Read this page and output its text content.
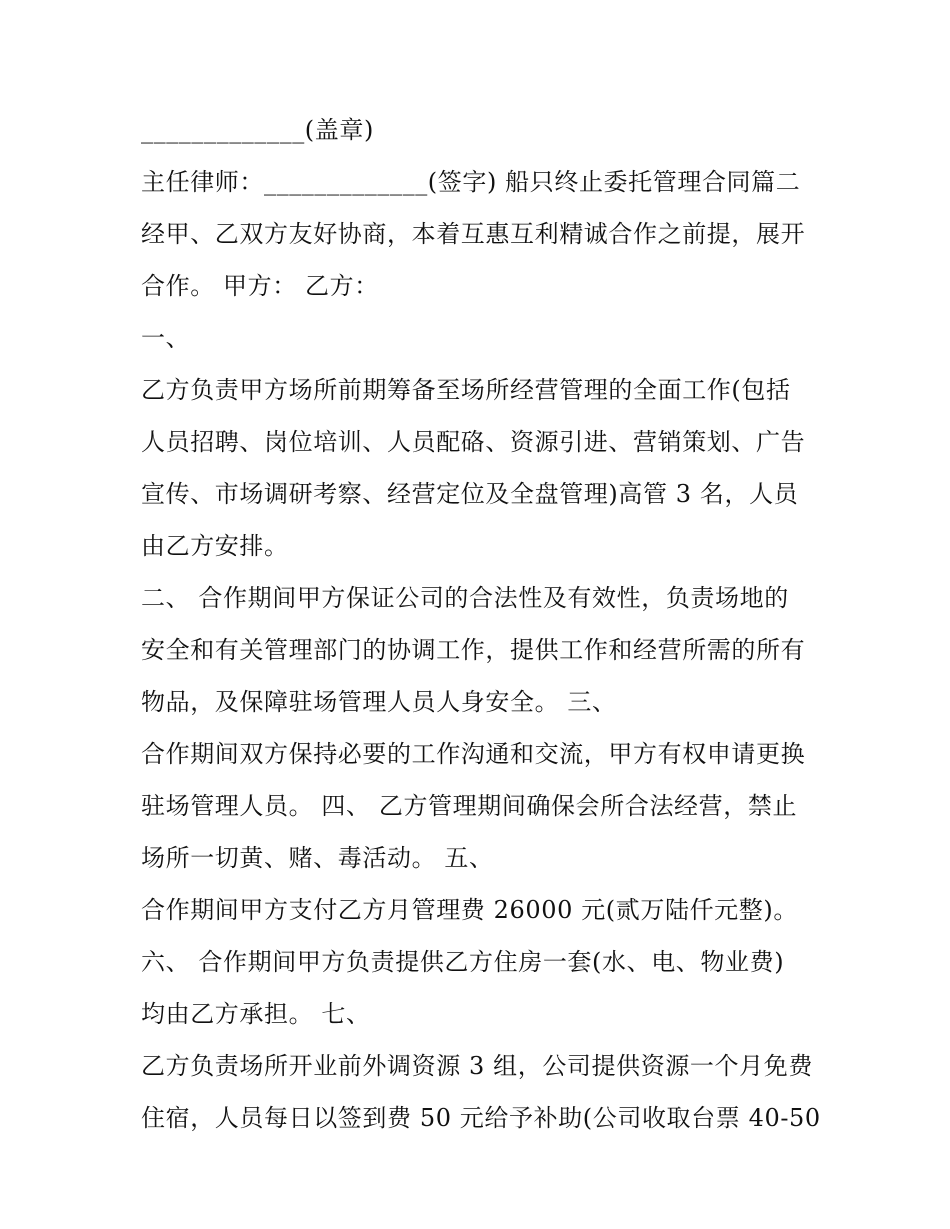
_____________(盖章)
主任律师：_____________(签字) 船只终止委托管理合同篇二
经甲、乙双方友好协商，本着互惠互利精诚合作之前提，展开
合作。 甲方： 乙方：
一、
乙方负责甲方场所前期筹备至场所经营管理的全面工作(包括
人员招聘、岗位培训、人员配硌、资源引进、营销策划、广告
宣传、市场调研考察、经营定位及全盘管理)高管 3 名，人员
由乙方安排。
二、 合作期间甲方保证公司的合法性及有效性，负责场地的
安全和有关管理部门的协调工作，提供工作和经营所需的所有
物品，及保障驻场管理人员人身安全。 三、
合作期间双方保持必要的工作沟通和交流，甲方有权申请更换
驻场管理人员。 四、 乙方管理期间确保会所合法经营，禁止
场所一切黄、赌、毒活动。 五、
合作期间甲方支付乙方月管理费 26000 元(贰万陆仟元整)。
六、 合作期间甲方负责提供乙方住房一套(水、电、物业费)
均由乙方承担。 七、
乙方负责场所开业前外调资源 3 组，公司提供资源一个月免费
住宿，人员每日以签到费 50 元给予补助(公司收取台票 40-50
